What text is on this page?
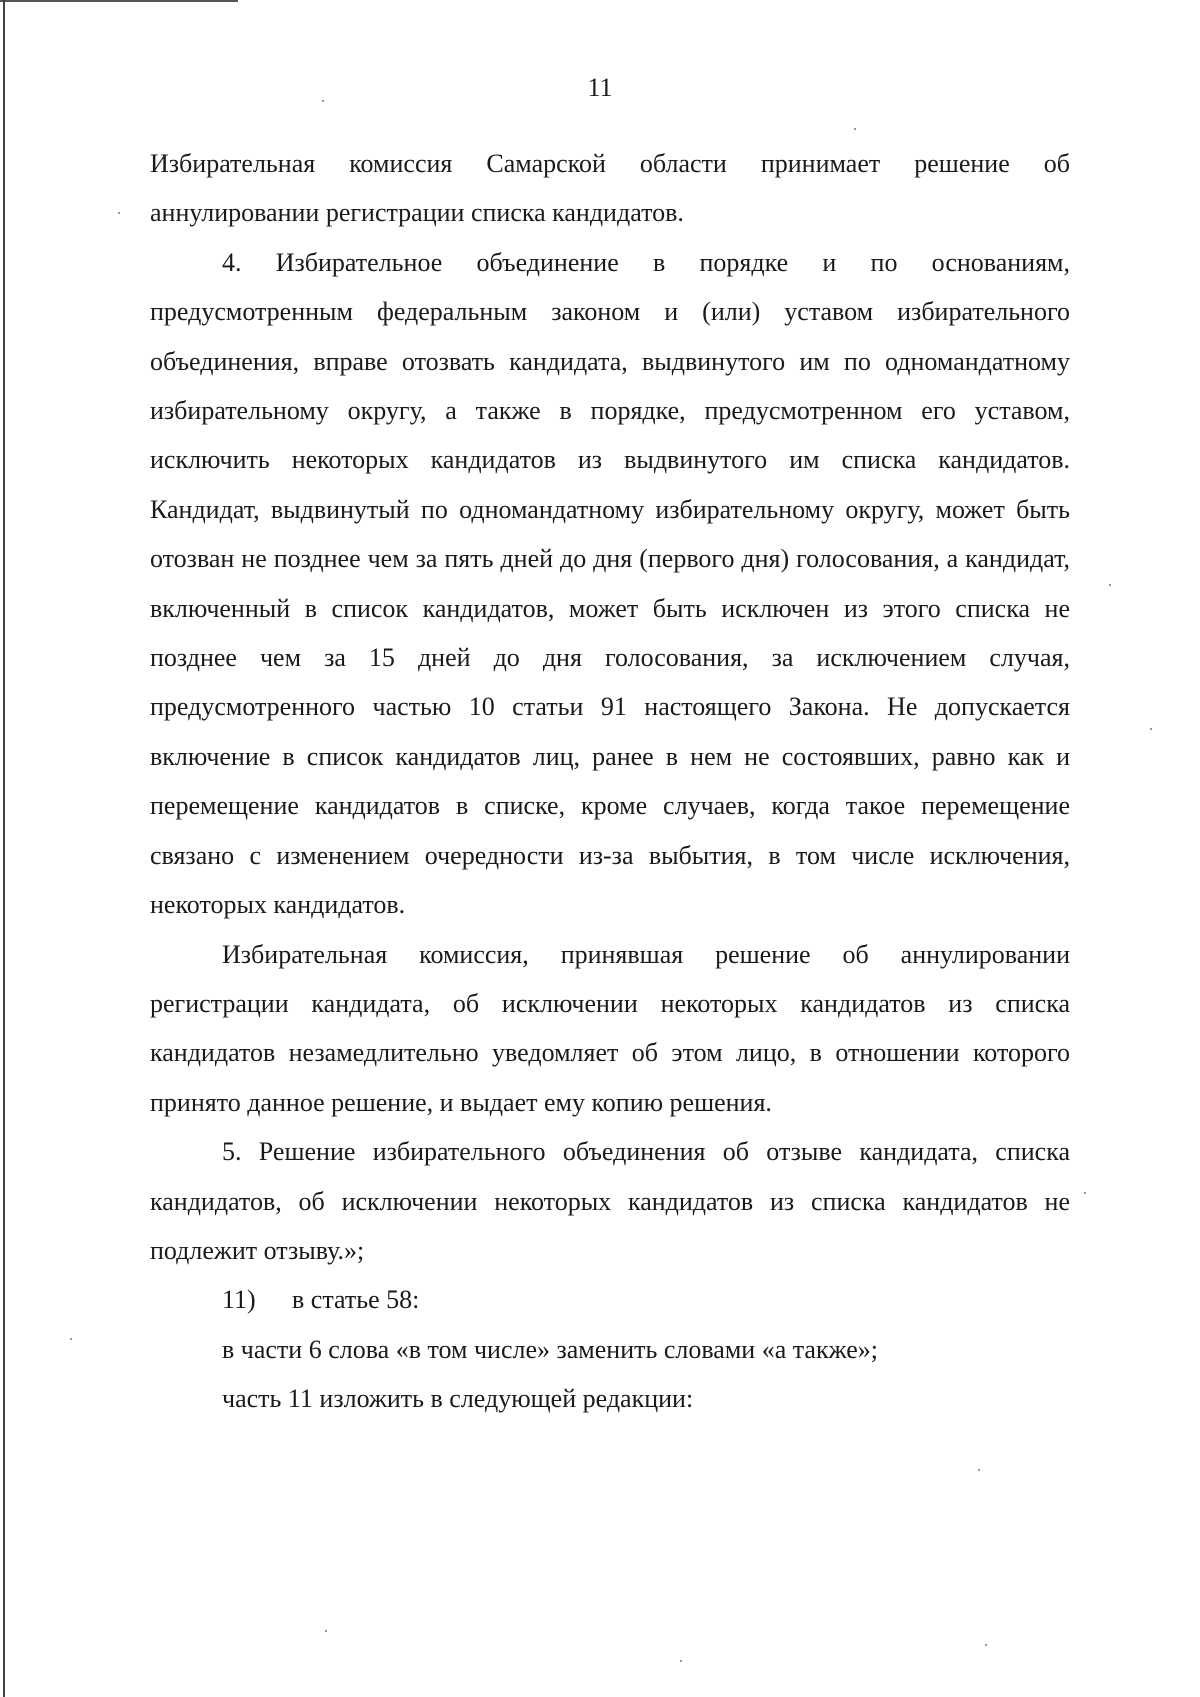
11

Избирательная комиссия Самарской области принимает решение об аннулировании регистрации списка кандидатов.

4. Избирательное объединение в порядке и по основаниям, предусмотренным федеральным законом и (или) уставом избирательного объединения, вправе отозвать кандидата, выдвинутого им по одномандатному избирательному округу, а также в порядке, предусмотренном его уставом, исключить некоторых кандидатов из выдвинутого им списка кандидатов. Кандидат, выдвинутый по одномандатному избирательному округу, может быть отозван не позднее чем за пять дней до дня (первого дня) голосования, а кандидат, включенный в список кандидатов, может быть исключен из этого списка не позднее чем за 15 дней до дня голосования, за исключением случая, предусмотренного частью 10 статьи 91 настоящего Закона. Не допускается включение в список кандидатов лиц, ранее в нем не состоявших, равно как и перемещение кандидатов в списке, кроме случаев, когда такое перемещение связано с изменением очередности из-за выбытия, в том числе исключения, некоторых кандидатов.

Избирательная комиссия, принявшая решение об аннулировании регистрации кандидата, об исключении некоторых кандидатов из списка кандидатов незамедлительно уведомляет об этом лицо, в отношении которого принято данное решение, и выдает ему копию решения.

5. Решение избирательного объединения об отзыве кандидата, списка кандидатов, об исключении некоторых кандидатов из списка кандидатов не подлежит отзыву.»;

11) в статье 58:

в части 6 слова «в том числе» заменить словами «а также»;

часть 11 изложить в следующей редакции:
